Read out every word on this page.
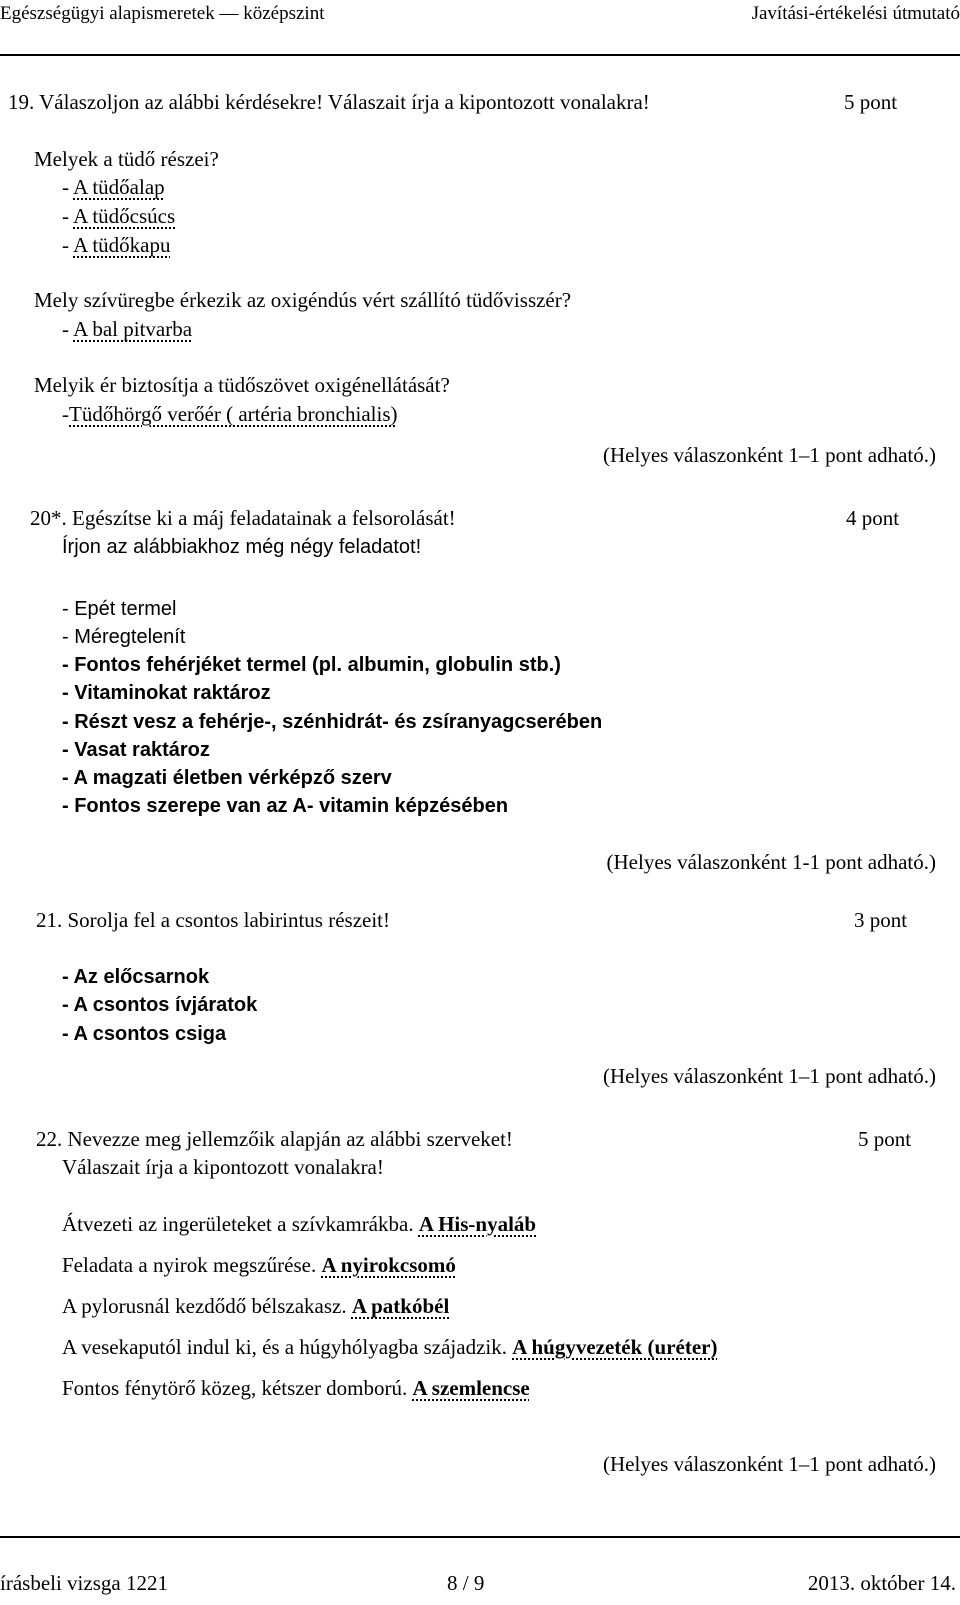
Egészségügyi alapismeretek — középszint	Javítási-értékelési útmutató
19. Válaszoljon az alábbi kérdésekre! Válaszait írja a kipontozott vonalakra!	5 pont
Melyek a tüdő részei?
- A tüdőalap
- A tüdőcsúcs
- A tüdőkapu
Mely szívüregbe érkezik az oxigéndús vért szállító tüdővisszér?
- A bal pitvarba
Melyik ér biztosítja a tüdőszövet oxigénellátását?
-Tüdőhörgő verőér ( artéria bronchialis)
(Helyes válaszonként 1–1 pont adható.)
20*. Egészítse ki a máj feladatainak a felsorolását!	4 pont
Írjon az alábbiakhoz még négy feladatot!
- Epét termel
- Méregtelenít
- Fontos fehérjéket termel (pl. albumin, globulin stb.)
- Vitaminokat raktároz
- Részt vesz a fehérje-, szénhidrát- és zsíranyagcserében
- Vasat raktároz
- A magzati életben vérképző szerv
- Fontos szerepe van az A- vitamin képzésében
(Helyes válaszonként 1-1 pont adható.)
21. Sorolja fel a csontos labirintus részeit!	3 pont
- Az előcsarnok
- A csontos ívjáratok
- A csontos csiga
(Helyes válaszonként 1–1 pont adható.)
22. Nevezze meg jellemzőik alapján az alábbi szerveket!	5 pont
Válaszait írja a kipontozott vonalakra!
Átvezeti az ingerületeket a szívkamrákba. A His-nyaláb
Feladata a nyirok megszűrése. A nyirokcsomó
A pylorusnál kezdődő bélszakasz. A patkóbél
A vesekaputól indul ki, és a húgyhólyagba szájadzik. A húgyvezeték (uréter)
Fontos fénytörő közeg, kétszer domború. A szemlencse
(Helyes válaszonként 1–1 pont adható.)
írásbeli vizsga 1221	8 / 9	2013. október 14.
